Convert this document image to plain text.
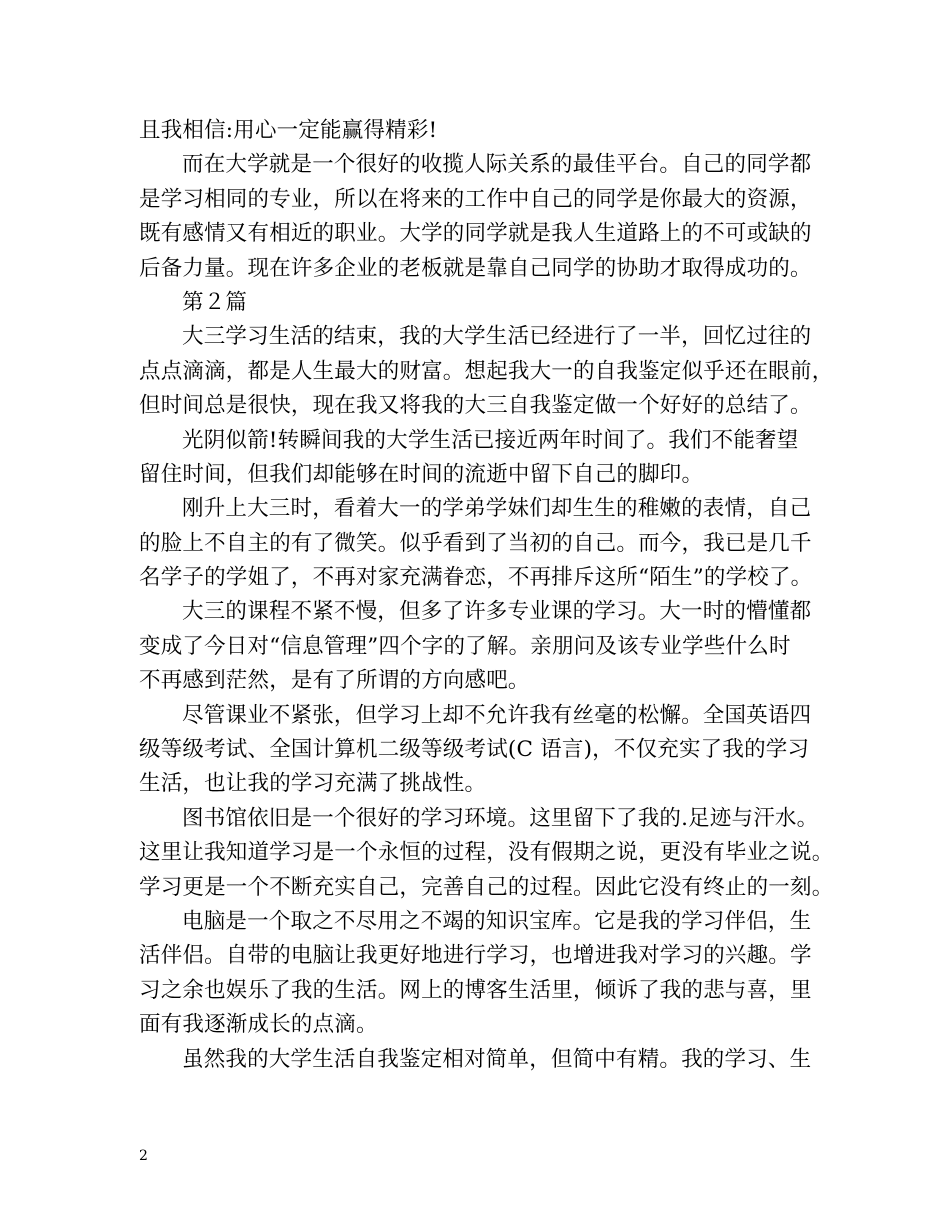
且我相信:用心一定能赢得精彩!
而在大学就是一个很好的收揽人际关系的最佳平台。自己的同学都
是学习相同的专业，所以在将来的工作中自己的同学是你最大的资源，
既有感情又有相近的职业。大学的同学就是我人生道路上的不可或缺的
后备力量。现在许多企业的老板就是靠自己同学的协助才取得成功的。
第２篇
大三学习生活的结束，我的大学生活已经进行了一半，回忆过往的
点点滴滴，都是人生最大的财富。想起我大一的自我鉴定似乎还在眼前，
但时间总是很快，现在我又将我的大三自我鉴定做一个好好的总结了。
光阴似箭!转瞬间我的大学生活已接近两年时间了。我们不能奢望
留住时间，但我们却能够在时间的流逝中留下自己的脚印。
刚升上大三时，看着大一的学弟学妹们却生生的稚嫩的表情，自己
的脸上不自主的有了微笑。似乎看到了当初的自己。而今，我已是几千
名学子的学姐了，不再对家充满眷恋，不再排斥这所“陌生”的学校了。
大三的课程不紧不慢，但多了许多专业课的学习。大一时的懵懂都
变成了今日对“信息管理”四个字的了解。亲朋问及该专业学些什么时
不再感到茫然，是有了所谓的方向感吧。
尽管课业不紧张，但学习上却不允许我有丝毫的松懈。全国英语四
级等级考试、全国计算机二级等级考试(C 语言)，不仅充实了我的学习
生活，也让我的学习充满了挑战性。
图书馆依旧是一个很好的学习环境。这里留下了我的.足迹与汗水。
这里让我知道学习是一个永恒的过程，没有假期之说，更没有毕业之说。
学习更是一个不断充实自己，完善自己的过程。因此它没有终止的一刻。
电脑是一个取之不尽用之不竭的知识宝库。它是我的学习伴侣，生
活伴侣。自带的电脑让我更好地进行学习，也增进我对学习的兴趣。学
习之余也娱乐了我的生活。网上的博客生活里，倾诉了我的悲与喜，里
面有我逐渐成长的点滴。
虽然我的大学生活自我鉴定相对简单，但简中有精。我的学习、生
2
